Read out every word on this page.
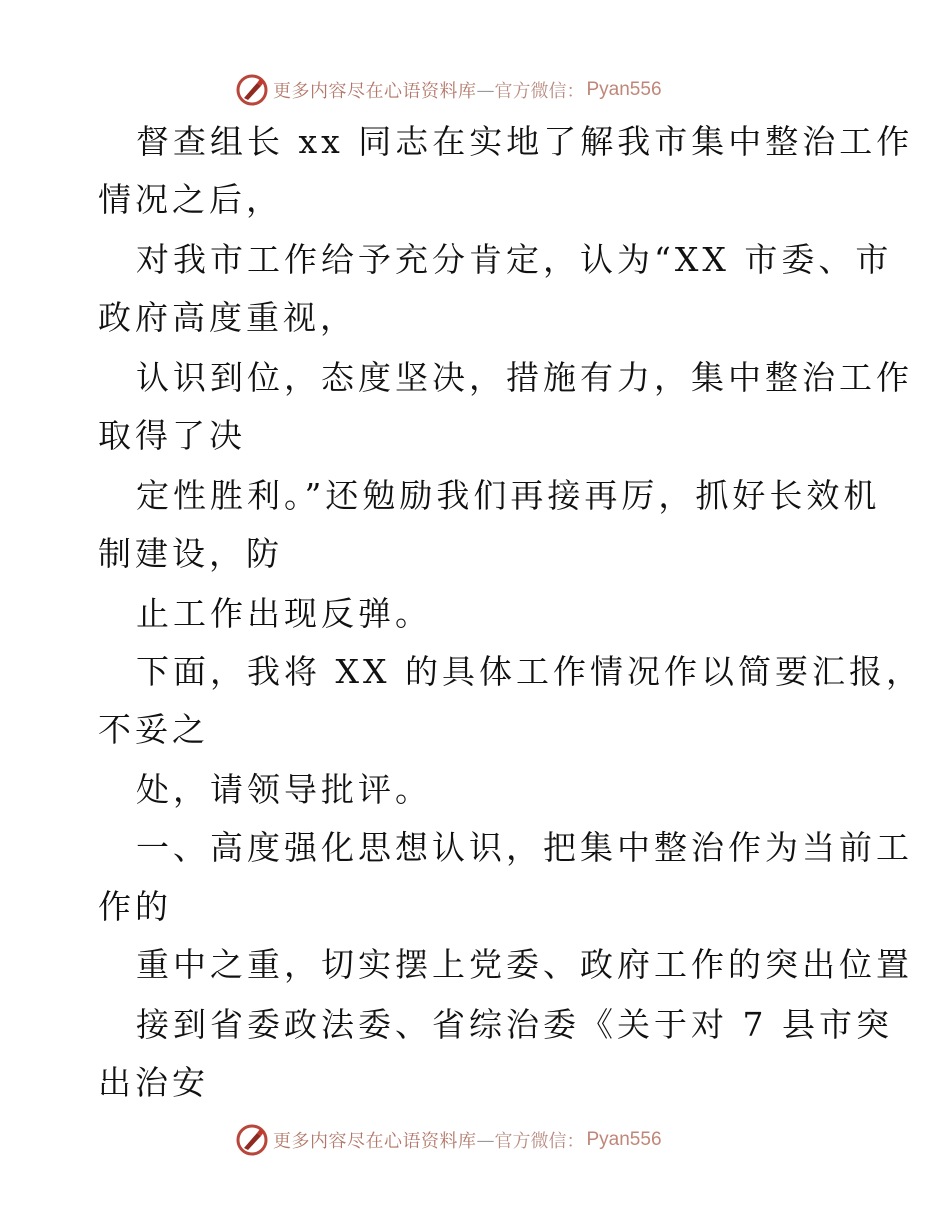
更多内容尽在心语资料库 — 官方微信： Pyan556
督查组长 xx 同志在实地了解我市集中整治工作
情况之后，
对我市工作给予充分肯定，认为“XX 市委、市
政府高度重视，
认识到位，态度坚决，措施有力，集中整治工作
取得了决
定性胜利。”还勉励我们再接再厉，抓好长效机
制建设，防
止工作出现反弹。
下面，我将 XX 的具体工作情况作以简要汇报，
不妥之
处，请领导批评。
一、高度强化思想认识，把集中整治作为当前工
作的
重中之重，切实摆上党委、政府工作的突出位置
接到省委政法委、省综治委《关于对 7 县市突
出治安
更多内容尽在心语资料库 — 官方微信： Pyan556
